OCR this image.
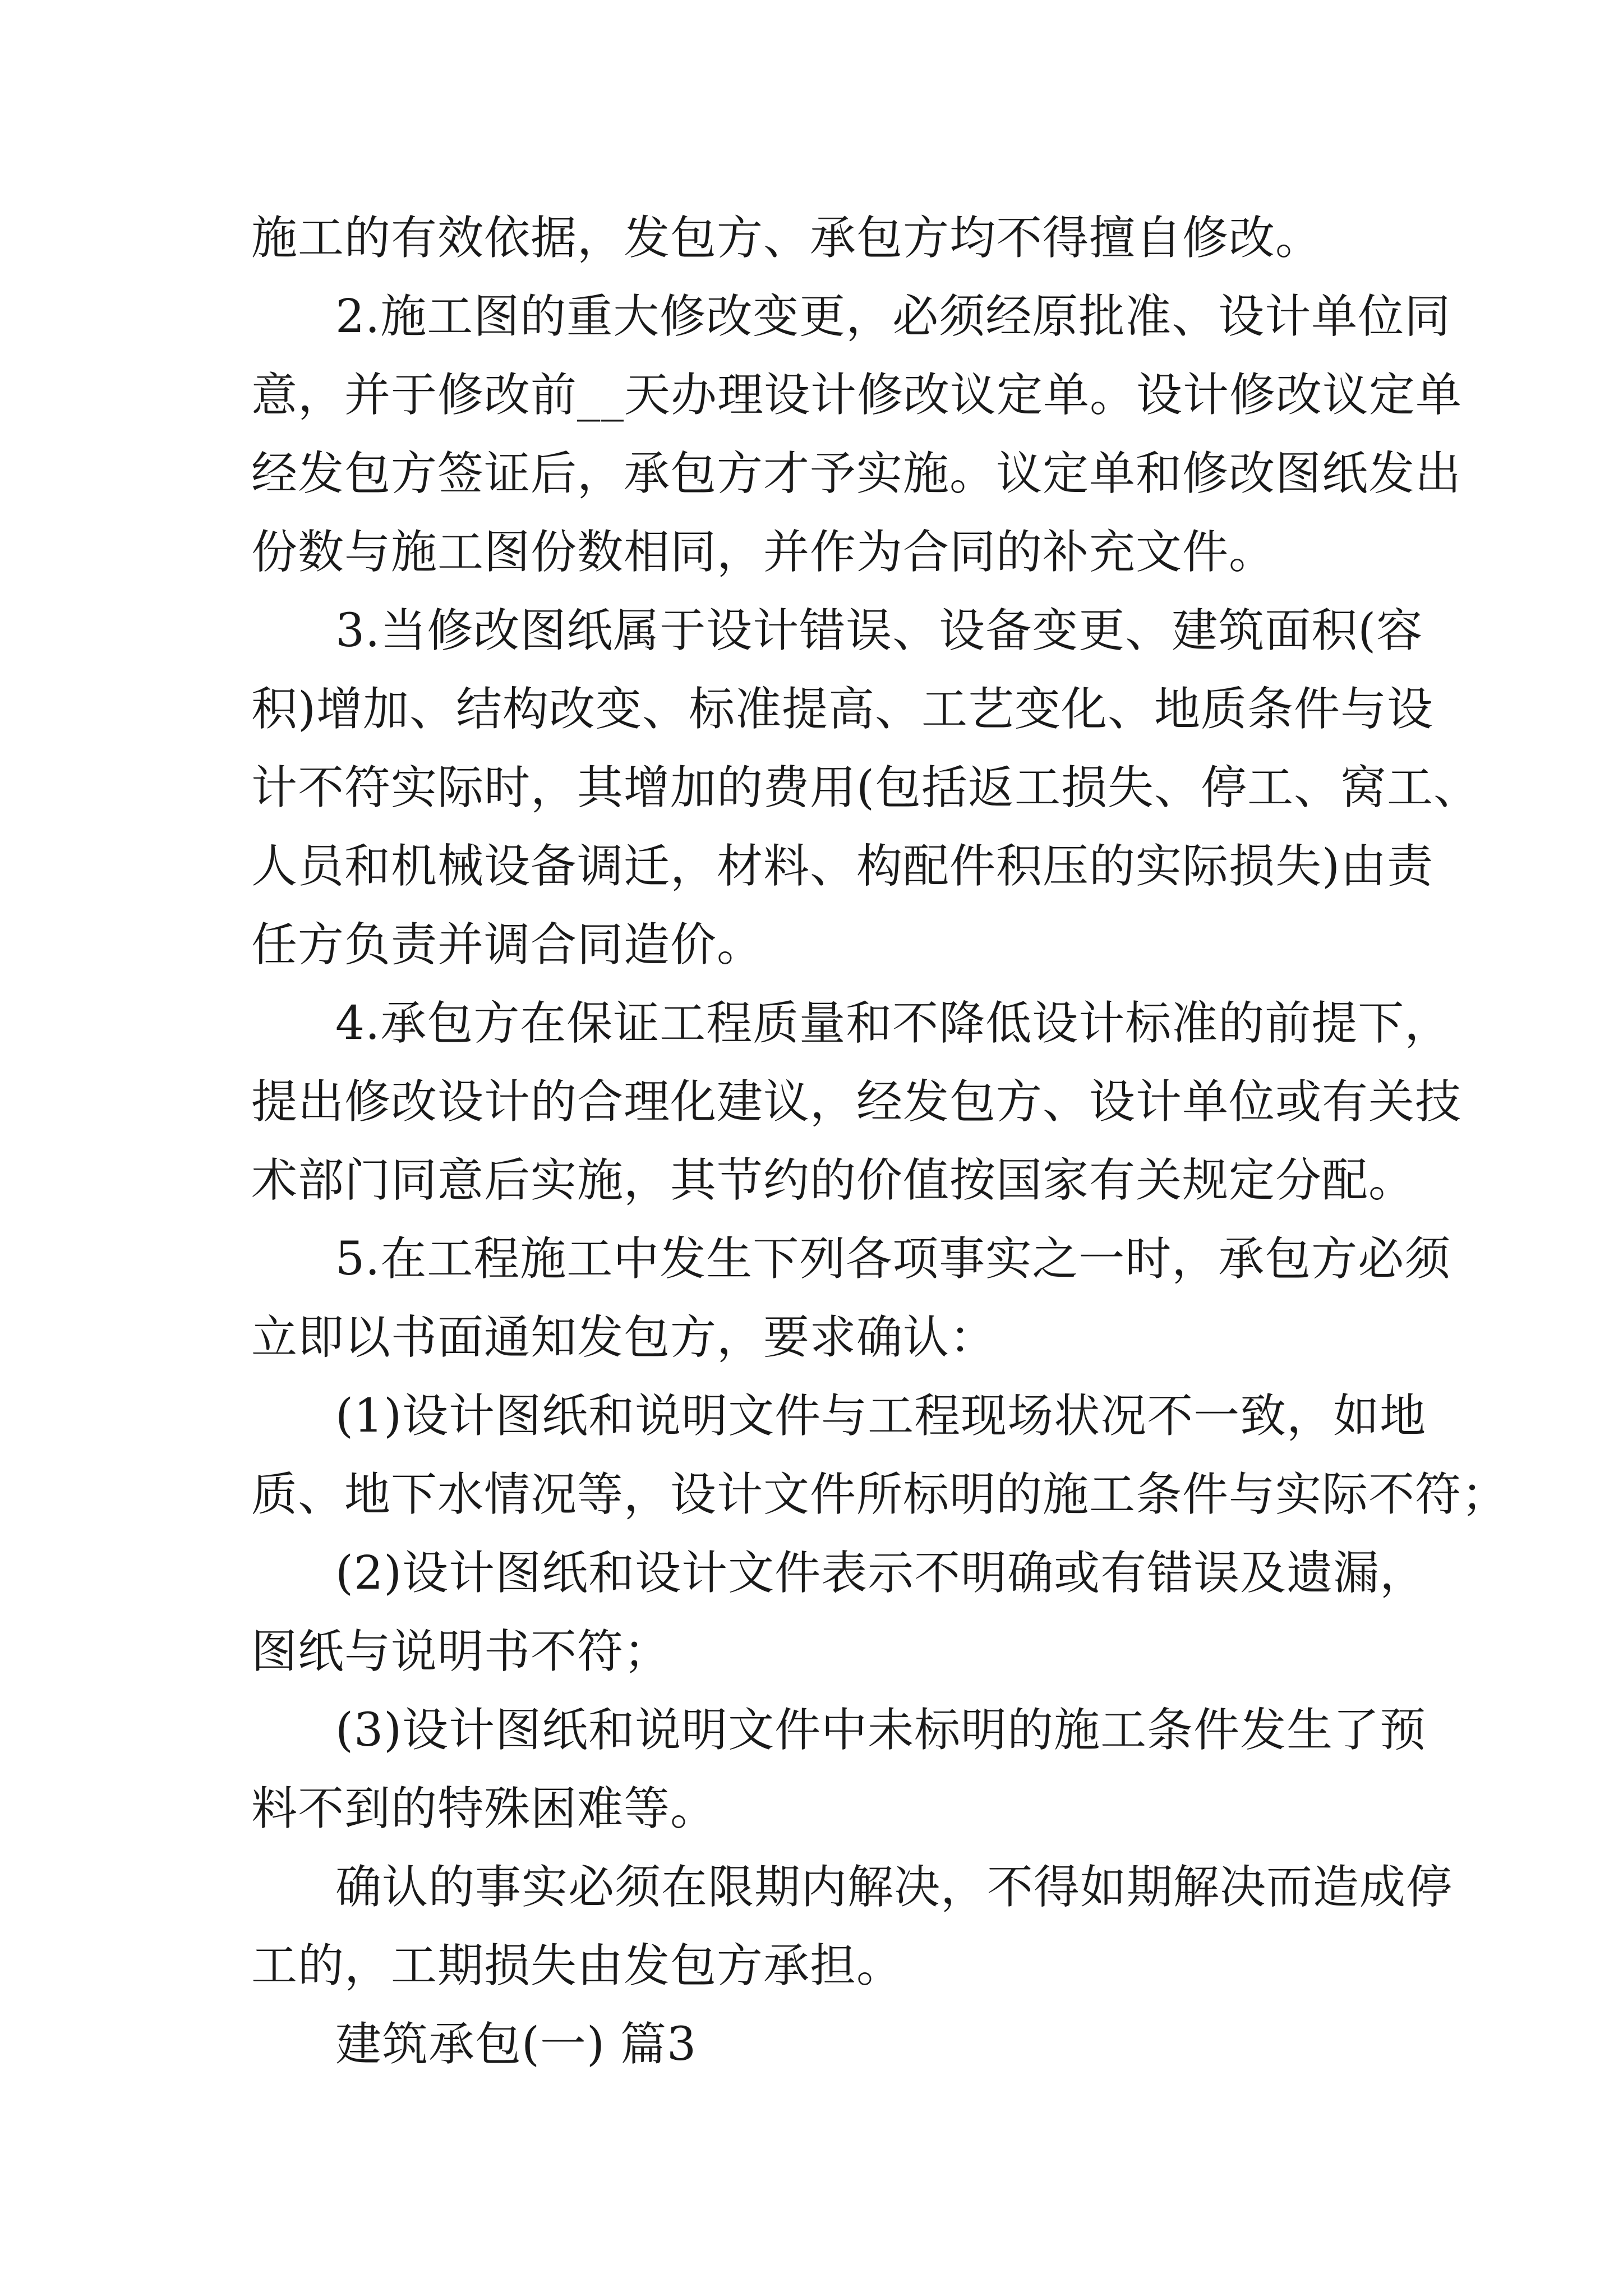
施工的有效依据，发包方、承包方均不得擅自修改。
2.施工图的重大修改变更，必须经原批准、设计单位同
意，并于修改前__天办理设计修改议定单。设计修改议定单
经发包方签证后，承包方才予实施。议定单和修改图纸发出
份数与施工图份数相同，并作为合同的补充文件。
3.当修改图纸属于设计错误、设备变更、建筑面积(容
积)增加、结构改变、标准提高、工艺变化、地质条件与设
计不符实际时，其增加的费用(包括返工损失、停工、窝工、
人员和机械设备调迁，材料、构配件积压的实际损失)由责
任方负责并调合同造价。
4.承包方在保证工程质量和不降低设计标准的前提下，
提出修改设计的合理化建议，经发包方、设计单位或有关技
术部门同意后实施，其节约的价值按国家有关规定分配。
5.在工程施工中发生下列各项事实之一时，承包方必须
立即以书面通知发包方，要求确认：
(1)设计图纸和说明文件与工程现场状况不一致，如地
质、地下水情况等，设计文件所标明的施工条件与实际不符；
(2)设计图纸和设计文件表示不明确或有错误及遗漏，
图纸与说明书不符；
(3)设计图纸和说明文件中未标明的施工条件发生了预
料不到的特殊困难等。
确认的事实必须在限期内解决，不得如期解决而造成停
工的，工期损失由发包方承担。
建筑承包(一) 篇3
